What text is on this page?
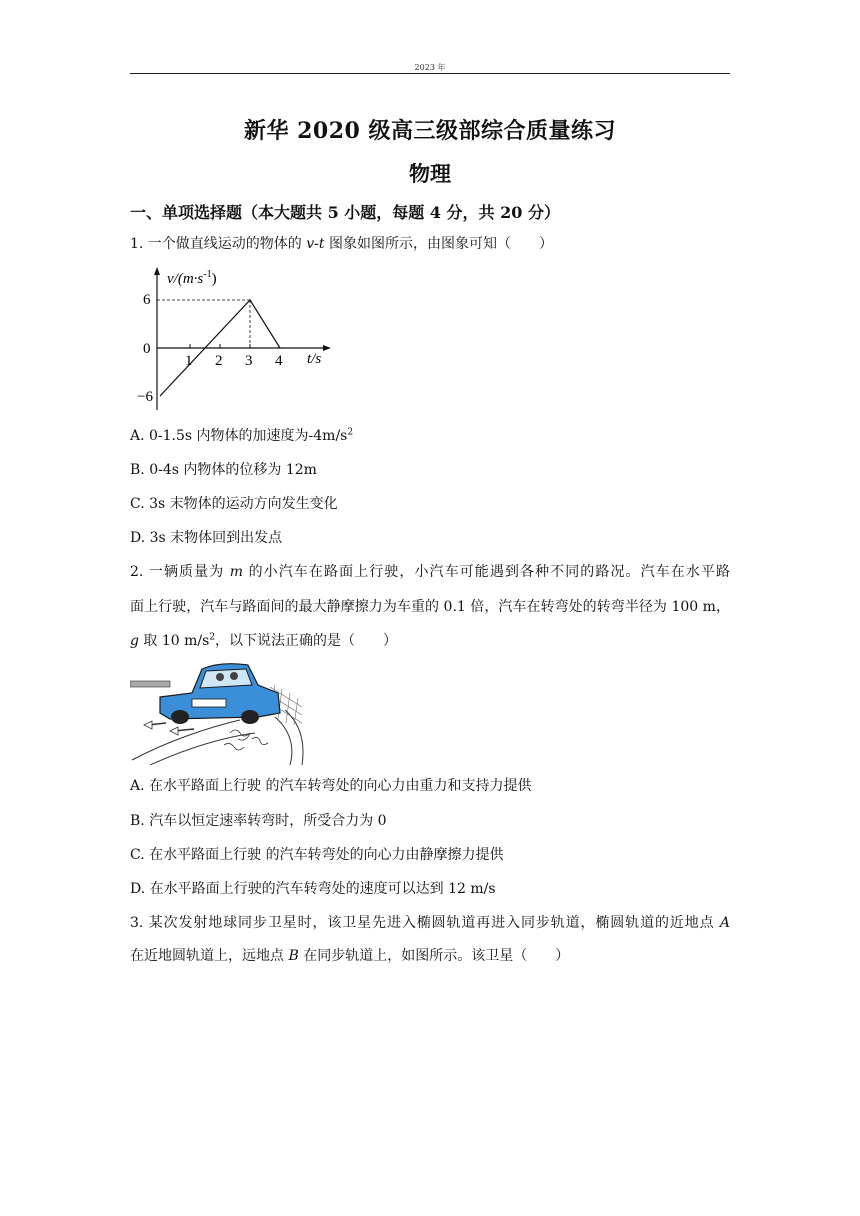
2023 年
新华 2020 级高三级部综合质量练习
物理
一、单项选择题（本大题共 5 小题，每题 4 分，共 20 分）
1. 一个做直线运动的物体的 v-t 图象如图所示，由图象可知（　　）
$v/(m\cdot s^{-1})$
6
0
−6
1 2 3 4 t/s
A. 0-1.5s 内物体的加速度为$-4m/s^2$
B. 0-4s 内物体的位移为 12m
C. 3s 末物体的运动方向发生变化
D. 3s 末物体回到出发点
2. 一辆质量为 m 的小汽车在路面上行驶，小汽车可能遇到各种不同的路况。汽车在水平路
面上行驶，汽车与路面间的最大静摩擦力为车重的 0.1 倍，汽车在转弯处的转弯半径为 100 m，
g 取 10 $m/s^2$，以下说法正确的是（　　）
A. 在水平路面上行驶 的汽车转弯处的向心力由重力和支持力提供
B. 汽车以恒定速率转弯时，所受合力为 0
C. 在水平路面上行驶 的汽车转弯处的向心力由静摩擦力提供
D. 在水平路面上行驶的汽车转弯处的速度可以达到 12 m/s
3. 某次发射地球同步卫星时，该卫星先进入椭圆轨道再进入同步轨道，椭圆轨道的近地点 A
在近地圆轨道上，远地点 B 在同步轨道上，如图所示。该卫星（　　）
